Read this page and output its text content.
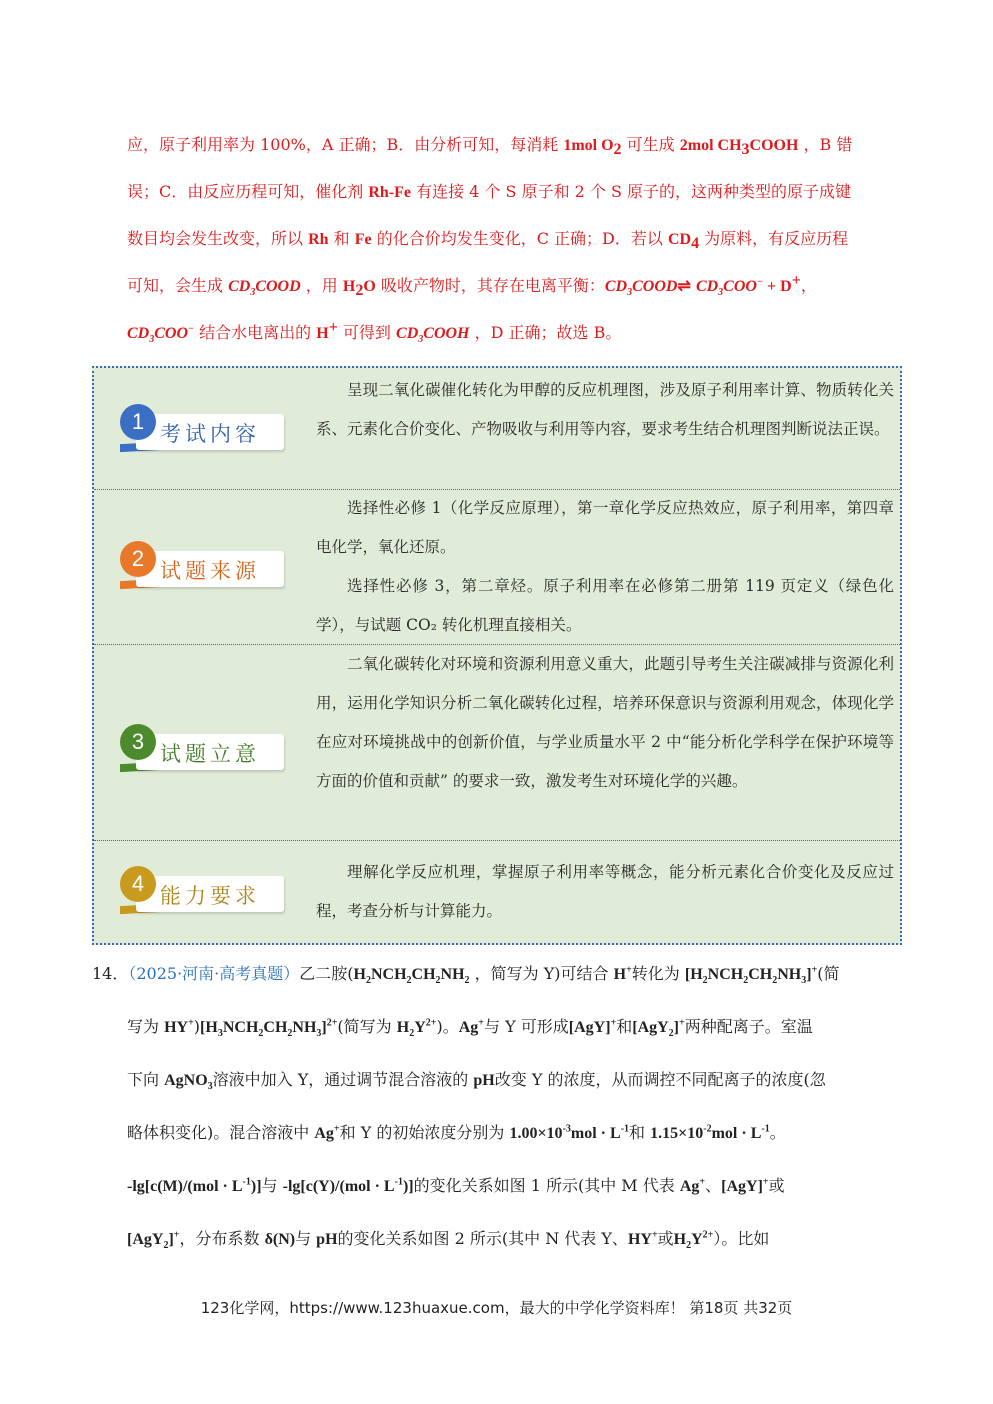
应，原子利用率为 100%，A 正确；B．由分析可知，每消耗 1mol $O_2$ 可生成 2mol $CH_3COOH$ ，B 错
误；C．由反应历程可知，催化剂 Rh-Fe 有连接 4 个 S 原子和 2 个 S 原子的，这两种类型的原子成键
数目均会发生改变，所以 Rh 和 Fe 的化合价均发生变化，C 正确；D．若以 $CD_4$ 为原料，有反应历程
可知，会生成 $CD_3COOD$ ，用 $H_2O$ 吸收产物时，其存在电离平衡：$CD_3COOD\rightleftharpoons$ $CD_3COO^- + D^+$，
$CD_3COO^-$ 结合水电离出的 H+ 可得到 $CD_3COOH$ ，D 正确；故选 B。
1 考试内容
呈现二氧化碳催化转化为甲醇的反应机理图，涉及原子利用率计算、物质转化关系、元素化合价变化、产物吸收与利用等内容，要求考生结合机理图判断说法正误。
2 试题来源
选择性必修 1（化学反应原理），第一章化学反应热效应，原子利用率，第四章电化学，氧化还原。
选择性必修 3，第二章烃。原子利用率在必修第二册第 119 页定义（绿色化学），与试题 CO₂ 转化机理直接相关。
3 试题立意
二氧化碳转化对环境和资源利用意义重大，此题引导考生关注碳减排与资源化利用，运用化学知识分析二氧化碳转化过程，培养环保意识与资源利用观念，体现化学在应对环境挑战中的创新价值，与学业质量水平 2 中“能分析化学科学在保护环境等方面的价值和贡献” 的要求一致，激发考生对环境化学的兴趣。
4 能力要求
理解化学反应机理，掌握原子利用率等概念，能分析元素化合价变化及反应过程，考查分析与计算能力。
14．（2025·河南·高考真题）乙二胺($H_2NCH_2CH_2NH_2$ ，简写为 Y)可结合 H+转化为 $[H_2NCH_2CH_2NH_3]^+$(简
写为 $HY^+)[H_3NCH_2CH_2NH_3]^{2+}$(简写为 $H_2Y^{2+}$)。Ag+与 Y 可形成[AgY]+和[AgY$_2$]+两种配离子。室温
下向 AgNO$_3$溶液中加入 Y，通过调节混合溶液的 pH改变 Y 的浓度，从而调控不同配离子的浓度(忽
略体积变化)。混合溶液中 Ag+和 Y 的初始浓度分别为 $1.00\times 10^{-3}mol \cdot L^{-1}$和 $1.15\times 10^{-2}mol \cdot L^{-1}$。
$-\lg[c(M)/(mol \cdot L^{-1})]$与 $-\lg[c(Y)/(mol \cdot L^{-1})]$的变化关系如图 1 所示(其中 M 代表 Ag+、[AgY]+或
[AgY$_2$]+，分布系数 δ(N)与 pH的变化关系如图 2 所示(其中 N 代表 Y、HY+或$H_2Y^{2+}$）。比如
123化学网，https://www.123huaxue.com，最大的中学化学资料库！ 第18页 共32页
